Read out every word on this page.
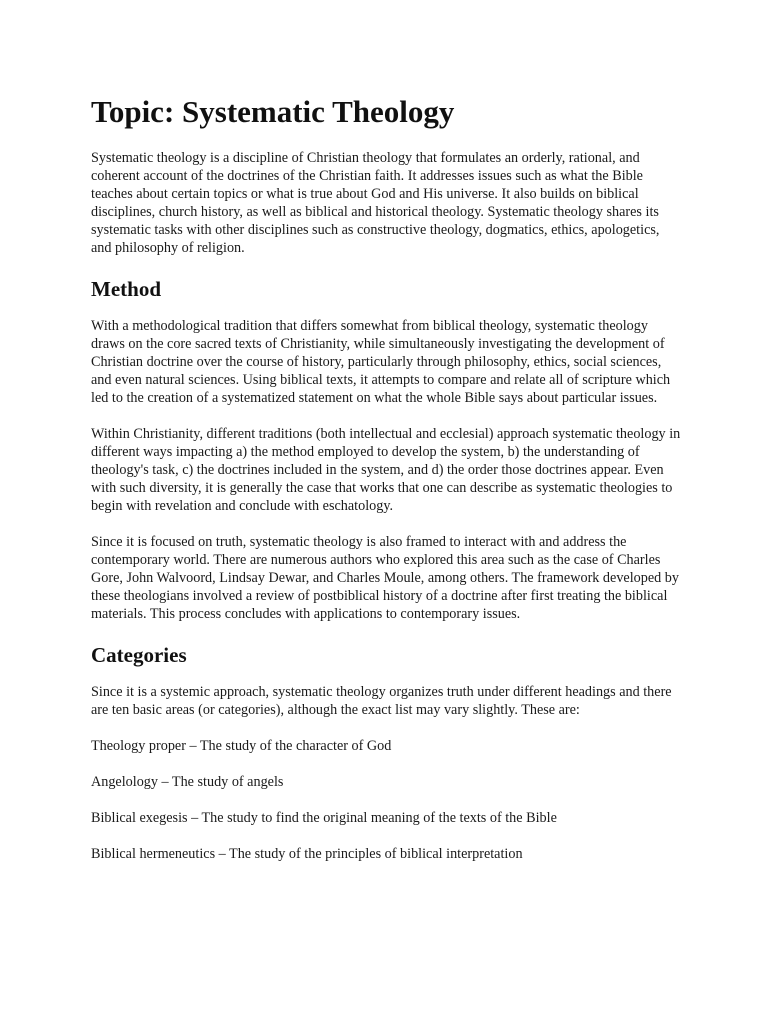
Topic: Systematic Theology

Systematic theology is a discipline of Christian theology that formulates an orderly, rational, and coherent account of the doctrines of the Christian faith. It addresses issues such as what the Bible teaches about certain topics or what is true about God and His universe. It also builds on biblical disciplines, church history, as well as biblical and historical theology. Systematic theology shares its systematic tasks with other disciplines such as constructive theology, dogmatics, ethics, apologetics, and philosophy of religion.

Method

With a methodological tradition that differs somewhat from biblical theology, systematic theology draws on the core sacred texts of Christianity, while simultaneously investigating the development of Christian doctrine over the course of history, particularly through philosophy, ethics, social sciences, and even natural sciences. Using biblical texts, it attempts to compare and relate all of scripture which led to the creation of a systematized statement on what the whole Bible says about particular issues.

Within Christianity, different traditions (both intellectual and ecclesial) approach systematic theology in different ways impacting a) the method employed to develop the system, b) the understanding of theology's task, c) the doctrines included in the system, and d) the order those doctrines appear. Even with such diversity, it is generally the case that works that one can describe as systematic theologies to begin with revelation and conclude with eschatology.

Since it is focused on truth, systematic theology is also framed to interact with and address the contemporary world. There are numerous authors who explored this area such as the case of Charles Gore, John Walvoord, Lindsay Dewar, and Charles Moule, among others. The framework developed by these theologians involved a review of postbiblical history of a doctrine after first treating the biblical materials. This process concludes with applications to contemporary issues.

Categories

Since it is a systemic approach, systematic theology organizes truth under different headings and there are ten basic areas (or categories), although the exact list may vary slightly. These are:

Theology proper – The study of the character of God

Angelology – The study of angels

Biblical exegesis – The study to find the original meaning of the texts of the Bible

Biblical hermeneutics – The study of the principles of biblical interpretation
